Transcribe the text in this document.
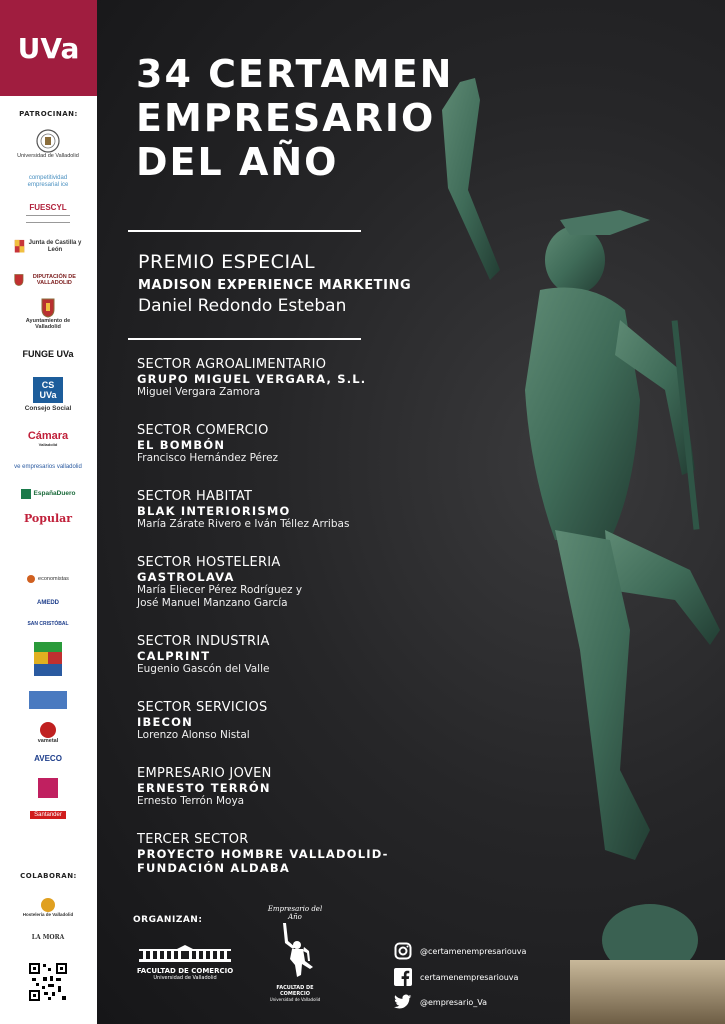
UVa
PATROCINAN:
Universidad de Valladolid
competitividad empresarial ice
FUESCYL
Junta de Castilla y León
DIPUTACIÓN DE VALLADOLID
Ayuntamiento de Valladolid
FUNGE UVa
CS UVa
Consejo Social
Cámara
Valladolid
ve empresarios valladolid
EspañaDuero
Popular
economistas
AMEDD
SAN CRISTÓBAL
vametal
AVECO
Santander
COLABORAN:
Hostelería de Valladolid
LA MORA
34 CERTAMEN
EMPRESARIO
DEL AÑO
PREMIO ESPECIAL
MADISON EXPERIENCE MARKETING
Daniel Redondo Esteban
SECTOR AGROALIMENTARIO
GRUPO MIGUEL VERGARA, S.L.
Miguel Vergara Zamora
SECTOR COMERCIO
EL BOMBÓN
Francisco Hernández Pérez
SECTOR HABITAT
BLAK INTERIORISMO
María Zárate Rivero e Iván Téllez Arribas
SECTOR HOSTELERIA
GASTROLAVA
María Eliecer Pérez Rodríguez y
José Manuel Manzano García
SECTOR INDUSTRIA
CALPRINT
Eugenio Gascón del Valle
SECTOR SERVICIOS
IBECON
Lorenzo Alonso Nistal
EMPRESARIO JOVEN
ERNESTO TERRÓN
Ernesto Terrón Moya
TERCER SECTOR
PROYECTO HOMBRE VALLADOLID-
FUNDACIÓN ALDABA
ORGANIZAN:
FACULTAD DE COMERCIO
Universidad de Valladolid
Empresario del Año
FACULTAD DE COMERCIO
Universidad de Valladolid
@certamenempresariouva
certamenempresariouva
@empresario_Va
